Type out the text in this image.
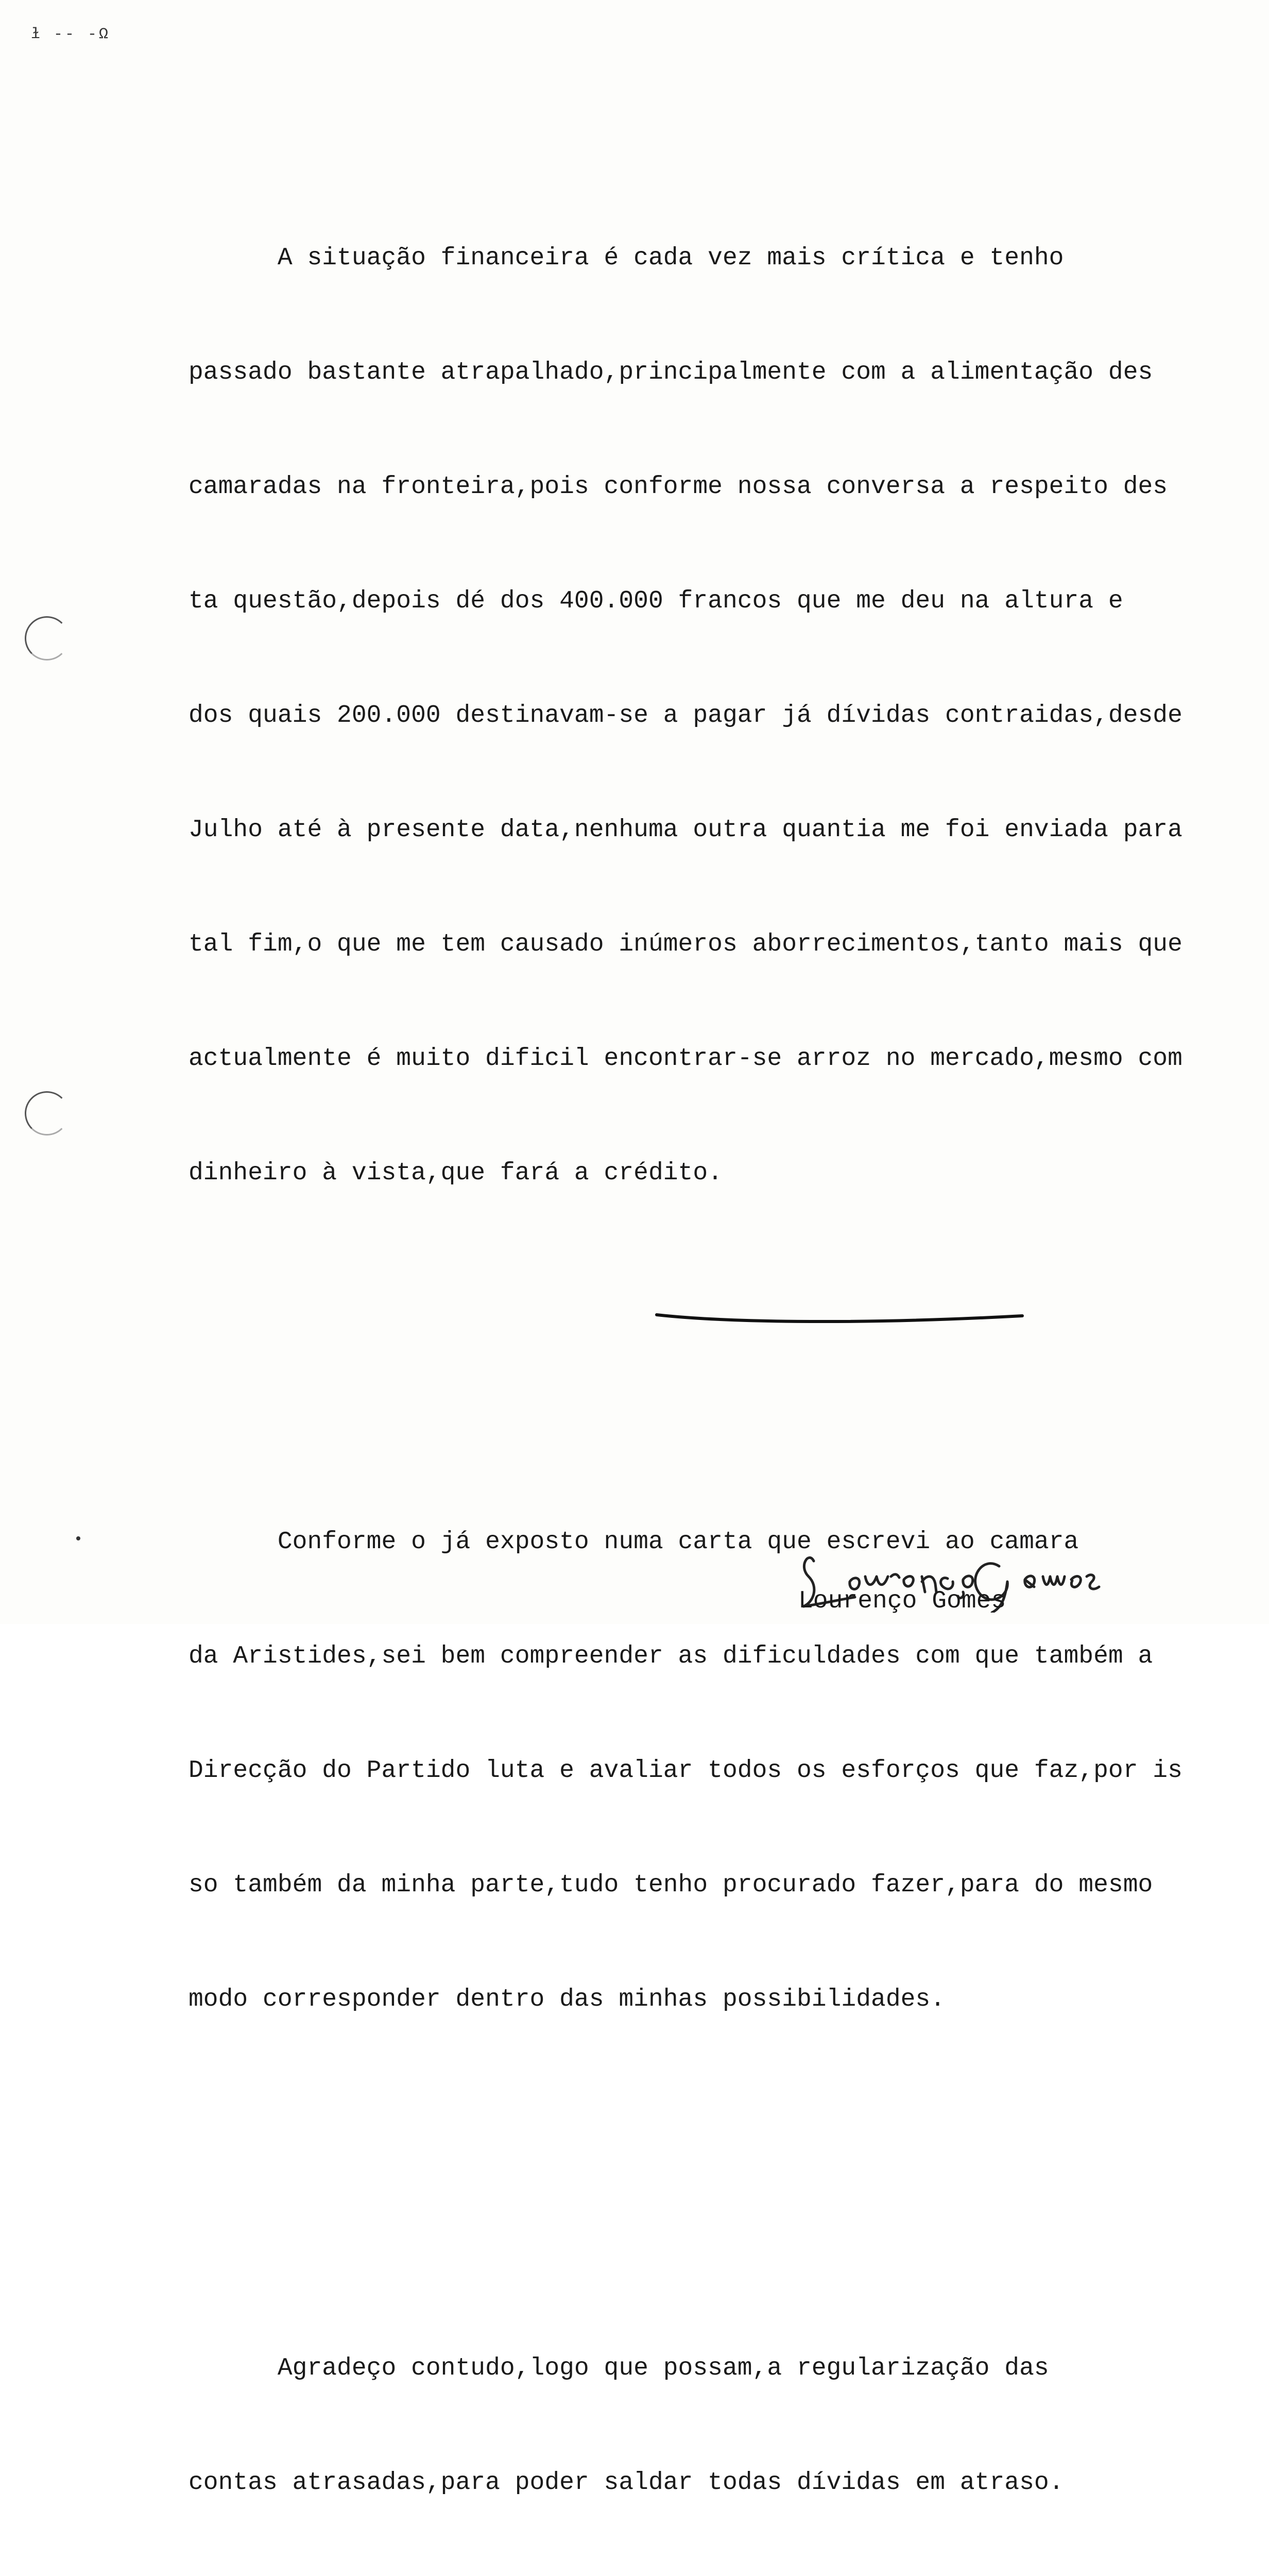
ɫ -- -Ω

A situação financeira é cada vez mais crítica e tenho

passado bastante atrapalhado,principalmente com a alimentação des

camaradas na fronteira,pois conforme nossa conversa a respeito des

ta questão,depois dé dos 400.000 francos que me deu na altura e

dos quais 200.000 destinavam-se a pagar já dívidas contraidas,desde

Julho até à presente data,nenhuma outra quantia me foi enviada para

tal fim,o que me tem causado inúmeros aborrecimentos,tanto mais que

actualmente é muito dificil encontrar-se arroz no mercado,mesmo com

dinheiro à vista,que fará a crédito.

Conforme o já exposto numa carta que escrevi ao camara

da Aristides,sei bem compreender as dificuldades com que também a

Direcção do Partido luta e avaliar todos os esforços que faz,por is

so também da minha parte,tudo tenho procurado fazer,para do mesmo

modo corresponder dentro das minhas possibilidades.

Agradeço contudo,logo que possam,a regularização das

contas atrasadas,para poder saldar todas dívidas em atraso.

Lourenço Gomes
